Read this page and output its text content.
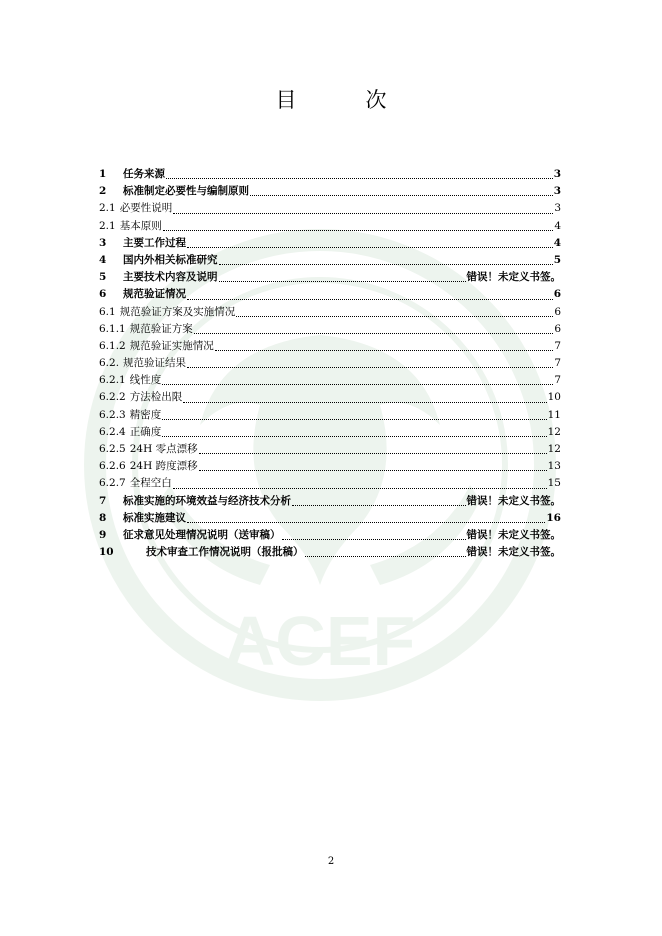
ACEF
目　次
1	任务来源	3
2	标准制定必要性与编制原则	3
2.1 必要性说明	3
2.1 基本原则	4
3	主要工作过程	4
4	国内外相关标准研究	5
5	主要技术内容及说明	错误！未定义书签。
6	规范验证情况	6
6.1 规范验证方案及实施情况	6
6.1.1 规范验证方案	6
6.1.2 规范验证实施情况	7
6.2. 规范验证结果	7
6.2.1 线性度	7
6.2.2 方法检出限	10
6.2.3 精密度	11
6.2.4 正确度	12
6.2.5 24H 零点漂移	12
6.2.6 24H 跨度漂移	13
6.2.7 全程空白	15
7	标准实施的环境效益与经济技术分析	错误！未定义书签。
8	标准实施建议	16
9	征求意见处理情况说明（送审稿）	错误！未定义书签。
10	技术审查工作情况说明（报批稿）	错误！未定义书签。
2
